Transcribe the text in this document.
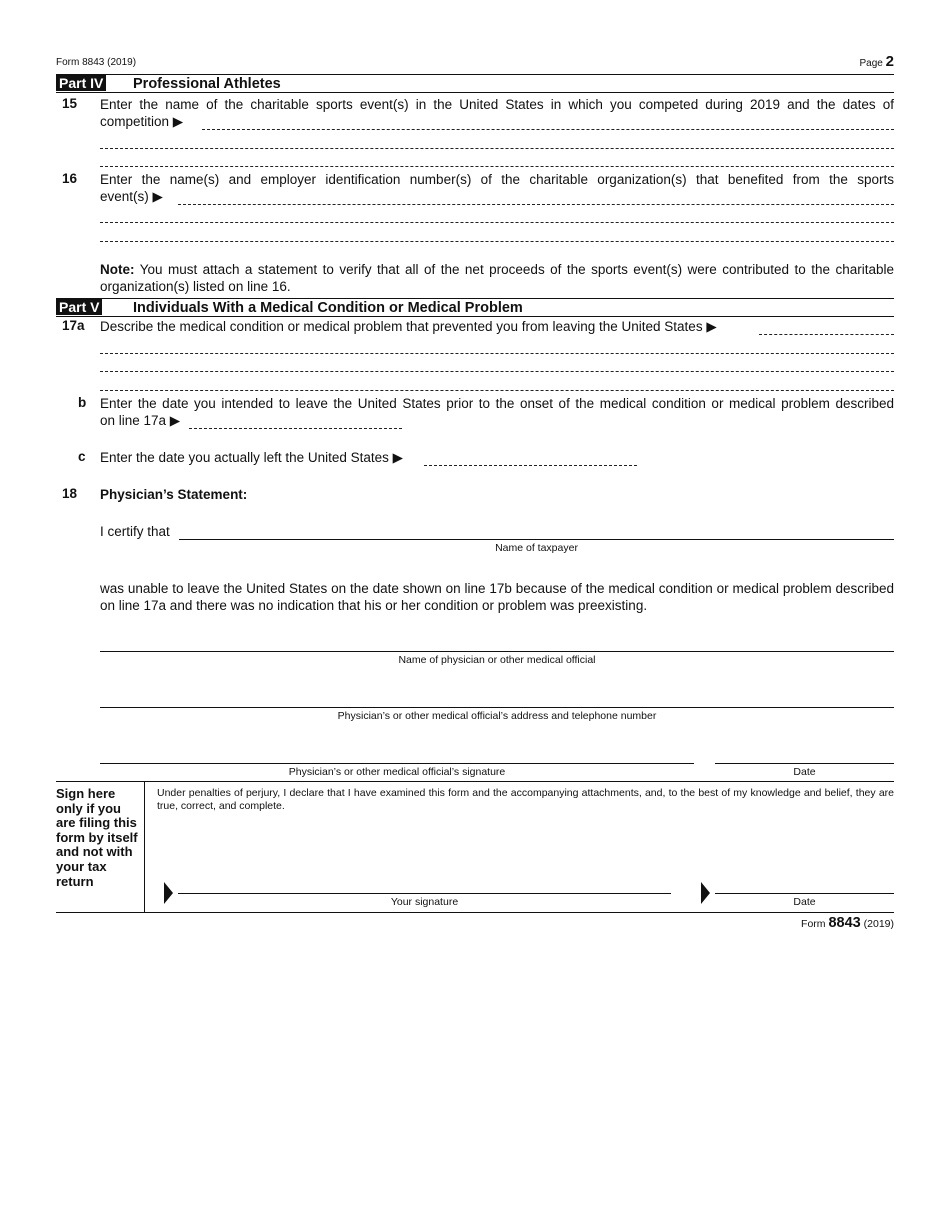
Form 8843 (2019)	Page 2
Part IV Professional Athletes
15 Enter the name of the charitable sports event(s) in the United States in which you competed during 2019 and the dates of
competition ▶
16 Enter the name(s) and employer identification number(s) of the charitable organization(s) that benefited from the sports
event(s) ▶
Note: You must attach a statement to verify that all of the net proceeds of the sports event(s) were contributed to the charitable organization(s) listed on line 16.
Part V Individuals With a Medical Condition or Medical Problem
17a Describe the medical condition or medical problem that prevented you from leaving the United States ▶
b Enter the date you intended to leave the United States prior to the onset of the medical condition or medical problem described
on line 17a ▶
c Enter the date you actually left the United States ▶
18 Physician’s Statement:
I certify that
Name of taxpayer
was unable to leave the United States on the date shown on line 17b because of the medical condition or medical problem described on line 17a and there was no indication that his or her condition or problem was preexisting.
Name of physician or other medical official
Physician’s or other medical official’s address and telephone number
Physician’s or other medical official’s signature	Date
Sign here only if you are filing this form by itself and not with your tax return
Under penalties of perjury, I declare that I have examined this form and the accompanying attachments, and, to the best of my knowledge and belief, they are true, correct, and complete.
Your signature	Date
Form 8843 (2019)
